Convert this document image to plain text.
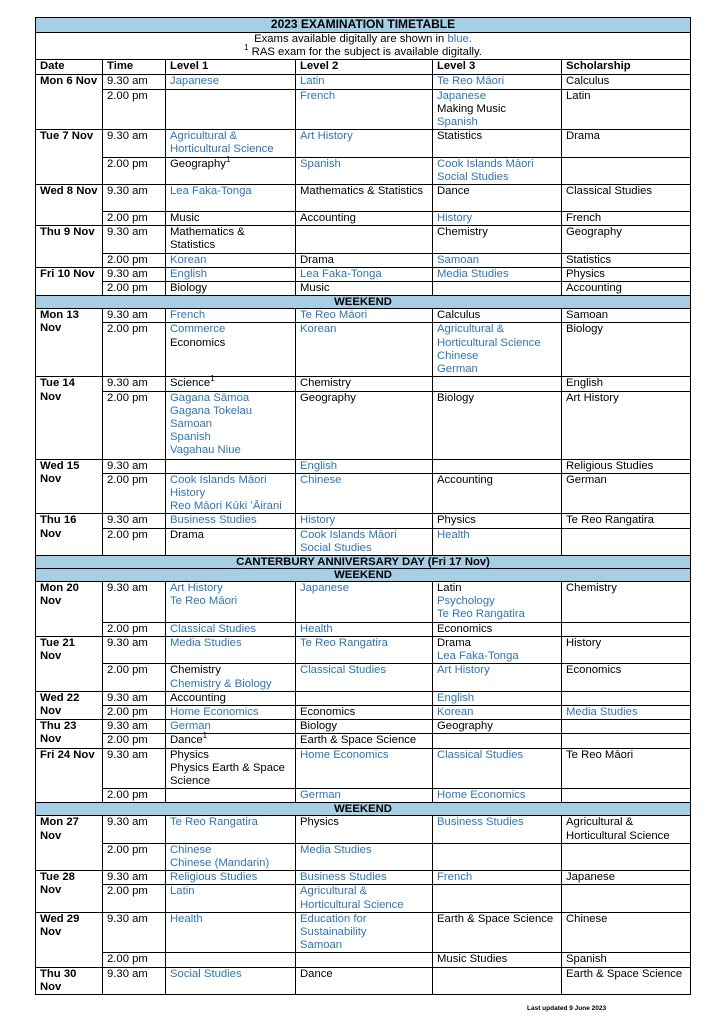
2023 EXAMINATION TIMETABLE					

Exams available digitally are shown in blue.
$^1$ RAS exam for the subject is available digitally.					

Date	Time	Level 1	Level 2	Level 3	Scholarship
Mon 6 Nov	9.30 am	Japanese	Latin	Te Reo Māori	Calculus

	2.00 pm		French	Japanese
Making Music
Spanish	Latin

Tue 7 Nov	9.30 am	Agricultural & Horticultural Science	Art History	Statistics	Drama

	2.00 pm	Geography$^1$	Spanish	Cook Islands Māori
Social Studies	

Wed 8 Nov	9.30 am	Lea Faka-Tonga	Mathematics & Statistics	Dance	Classical Studies

	2.00 pm	Music	Accounting	History	French

Thu 9 Nov	9.30 am	Mathematics & Statistics		Chemistry	Geography

	2.00 pm	Korean	Drama	Samoan	Statistics

Fri 10 Nov	9.30 am	English	Lea Faka-Tonga	Media Studies	Physics

	2.00 pm	Biology	Music		Accounting

WEEKEND					
Mon 13 Nov	9.30 am	French	Te Reo Māori	Calculus	Samoan

	2.00 pm	Commerce
Economics	Korean	Agricultural & Horticultural Science
Chinese
German	Biology

Tue 14 Nov	9.30 am	Science$^1$	Chemistry		English

	2.00 pm	Gagana Sāmoa
Gagana Tokelau
Samoan
Spanish
Vagahau Niue	Geography	Biology	Art History

Wed 15 Nov	9.30 am		English		Religious Studies

	2.00 pm	Cook Islands Māori
History
Reo Māori Kūki ʻĀirani	Chinese	Accounting	German

Thu 16 Nov	9.30 am	Business Studies	History	Physics	Te Reo Rangatira

	2.00 pm	Drama	Cook Islands Māori
Social Studies	Health	

CANTERBURY ANNIVERSARY DAY (Fri 17 Nov)					
WEEKEND					
Mon 20 Nov	9.30 am	Art History
Te Reo Māori	Japanese	Latin
Psychology
Te Reo Rangatira	Chemistry

	2.00 pm	Classical Studies	Health	Economics	

Tue 21 Nov	9.30 am	Media Studies	Te Reo Rangatira	Drama
Lea Faka-Tonga	History

	2.00 pm	Chemistry
Chemistry & Biology	Classical Studies	Art History	Economics

Wed 22 Nov	9.30 am	Accounting		English	

	2.00 pm	Home Economics	Economics	Korean	Media Studies

Thu 23 Nov	9.30 am	German	Biology	Geography	

	2.00 pm	Dance$^1$	Earth & Space Science		

Fri 24 Nov	9.30 am	Physics
Physics Earth & Space Science	Home Economics	Classical Studies	Te Reo Māori

	2.00 pm		German	Home Economics	

WEEKEND					
Mon 27 Nov	9.30 am	Te Reo Rangatira	Physics	Business Studies	Agricultural & Horticultural Science

	2.00 pm	Chinese
Chinese (Mandarin)	Media Studies		

Tue 28 Nov	9.30 am	Religious Studies	Business Studies	French	Japanese

	2.00 pm	Latin	Agricultural & Horticultural Science		

Wed 29 Nov	9.30 am	Health	Education for Sustainability
Samoan	Earth & Space Science	Chinese

	2.00 pm			Music Studies	Spanish

Thu 30 Nov	9.30 am	Social Studies	Dance		Earth & Space Science
Last updated 9 June 2023
